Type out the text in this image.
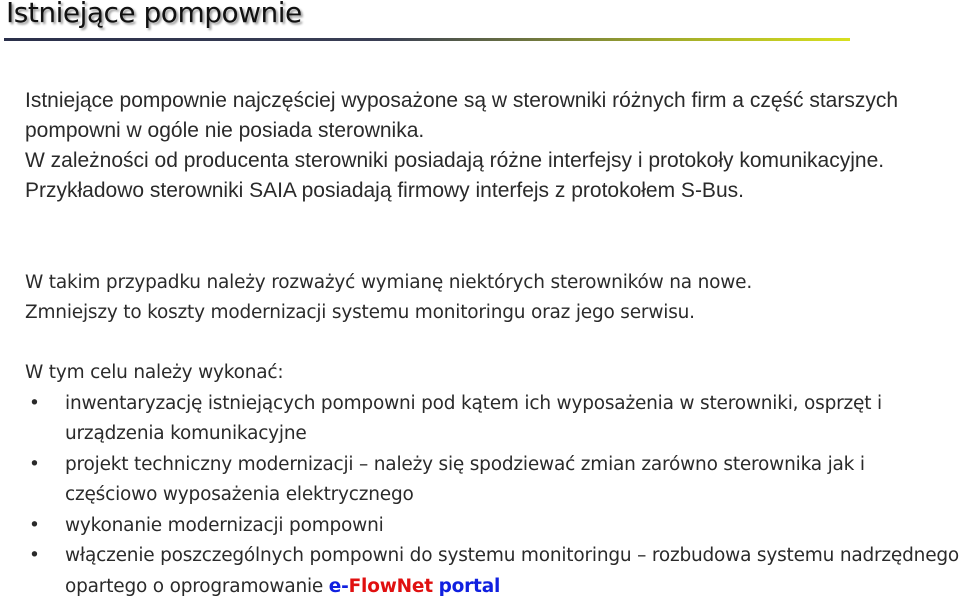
Istniejące pompownie

Istniejące pompownie najczęściej wyposażone są w sterowniki różnych firm a część starszych pompowni w ogóle nie posiada sterownika.

W zależności od producenta sterowniki posiadają różne interfejsy i protokoły komunikacyjne. Przykładowo sterowniki SAIA posiadają firmowy interfejs z protokołem S-Bus.

W takim przypadku należy rozważyć wymianę niektórych sterowników na nowe.

Zmniejszy to koszty modernizacji systemu monitoringu oraz jego serwisu.

W tym celu należy wykonać:

• inwentaryzację istniejących pompowni pod kątem ich wyposażenia w sterowniki, osprzęt i urządzenia komunikacyjne
• projekt techniczny modernizacji – należy się spodziewać zmian zarówno sterownika jak i częściowo wyposażenia elektrycznego
• wykonanie modernizacji pompowni
• włączenie poszczególnych pompowni do systemu monitoringu – rozbudowa systemu nadrzędnego opartego o oprogramowanie e-FlowNet portal
